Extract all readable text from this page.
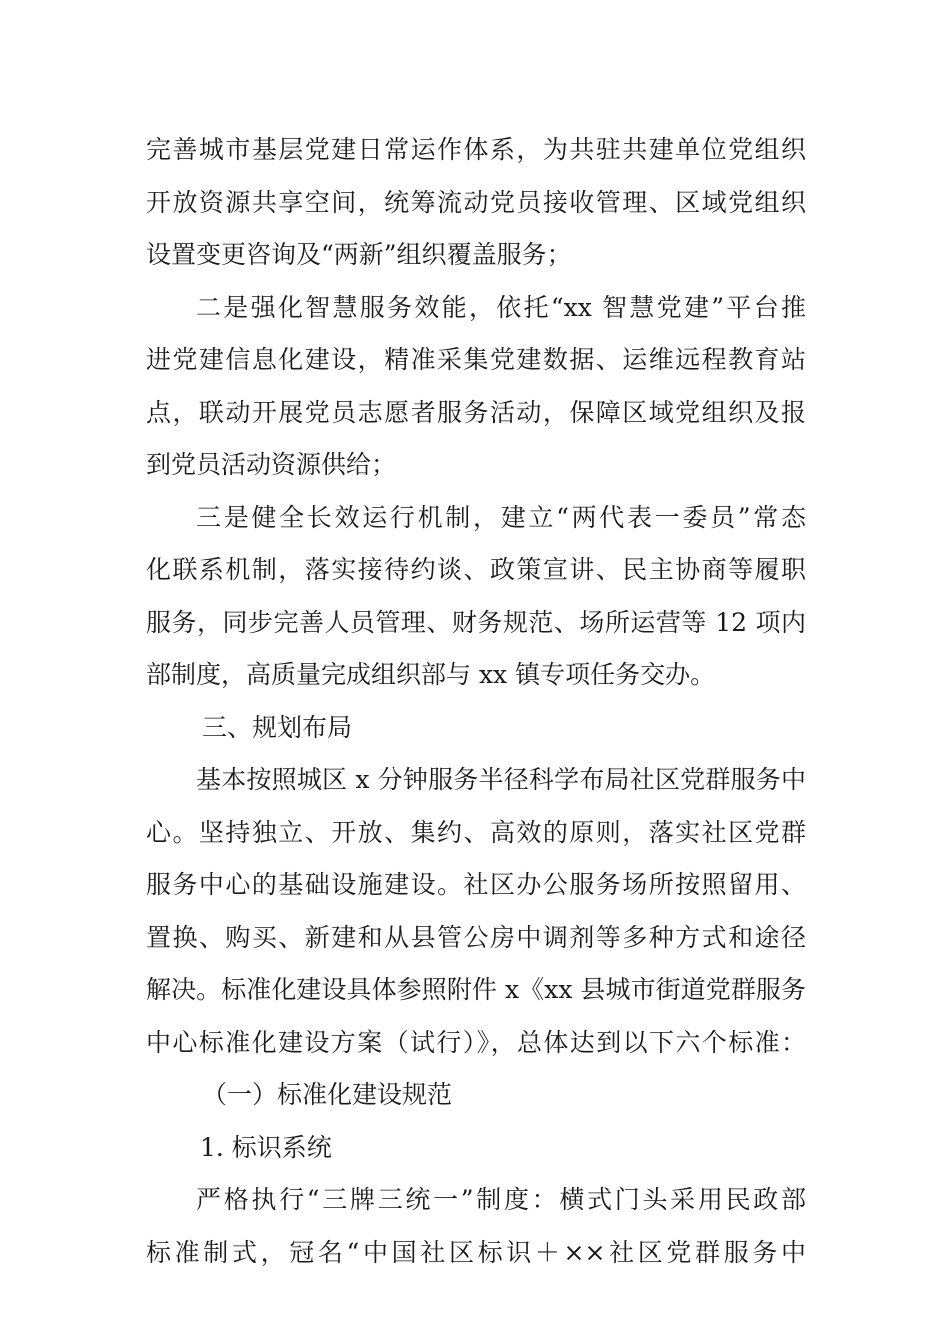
完善城市基层党建日常运作体系，为共驻共建单位党组织
开放资源共享空间，统筹流动党员接收管理、区域党组织
设置变更咨询及“两新”组织覆盖服务；
二是强化智慧服务效能，依托“xx 智慧党建”平台推
进党建信息化建设，精准采集党建数据、运维远程教育站
点，联动开展党员志愿者服务活动，保障区域党组织及报
到党员活动资源供给；
三是健全长效运行机制，建立“两代表一委员”常态
化联系机制，落实接待约谈、政策宣讲、民主协商等履职
服务，同步完善人员管理、财务规范、场所运营等 12 项内
部制度，高质量完成组织部与 xx 镇专项任务交办。
三、规划布局
基本按照城区 x 分钟服务半径科学布局社区党群服务中
心。坚持独立、开放、集约、高效的原则，落实社区党群
服务中心的基础设施建设。社区办公服务场所按照留用、
置换、购买、新建和从县管公房中调剂等多种方式和途径
解决。标准化建设具体参照附件 x《xx 县城市街道党群服务
中心标准化建设方案（试行）》，总体达到以下六个标准：
（一）标准化建设规范
1. 标识系统
严格执行“三牌三统一”制度：横式门头采用民政部
标准制式，冠名“中国社区标识＋××社区党群服务中
